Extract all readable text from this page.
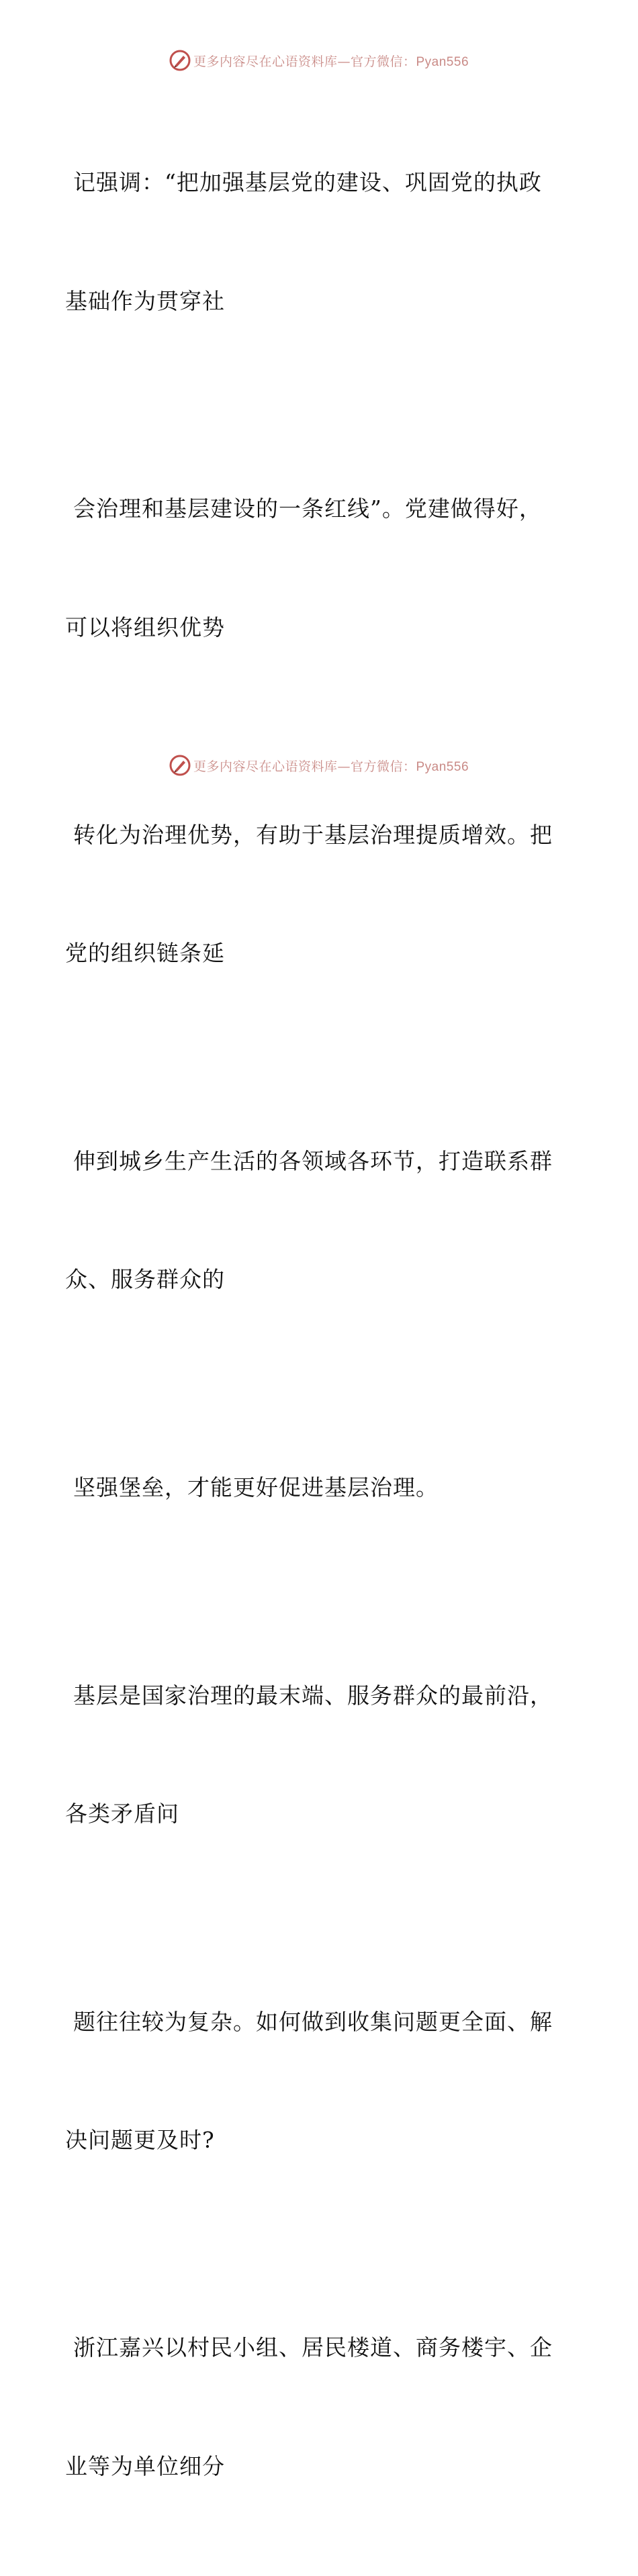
更多内容尽在心语资料库—官方微信：Pyan556

记强调：“把加强基层党的建设、巩固党的执政

基础作为贯穿社

会治理和基层建设的一条红线”。党建做得好，

可以将组织优势

转化为治理优势，有助于基层治理提质增效。把

党的组织链条延

伸到城乡生产生活的各领域各环节，打造联系群

众、服务群众的

坚强堡垒，才能更好促进基层治理。

基层是国家治理的最末端、服务群众的最前沿，

各类矛盾问

题往往较为复杂。如何做到收集问题更全面、解

决问题更及时?

浙江嘉兴以村民小组、居民楼道、商务楼宇、企

业等为单位细分

更多内容尽在心语资料库—官方微信：Pyan556
